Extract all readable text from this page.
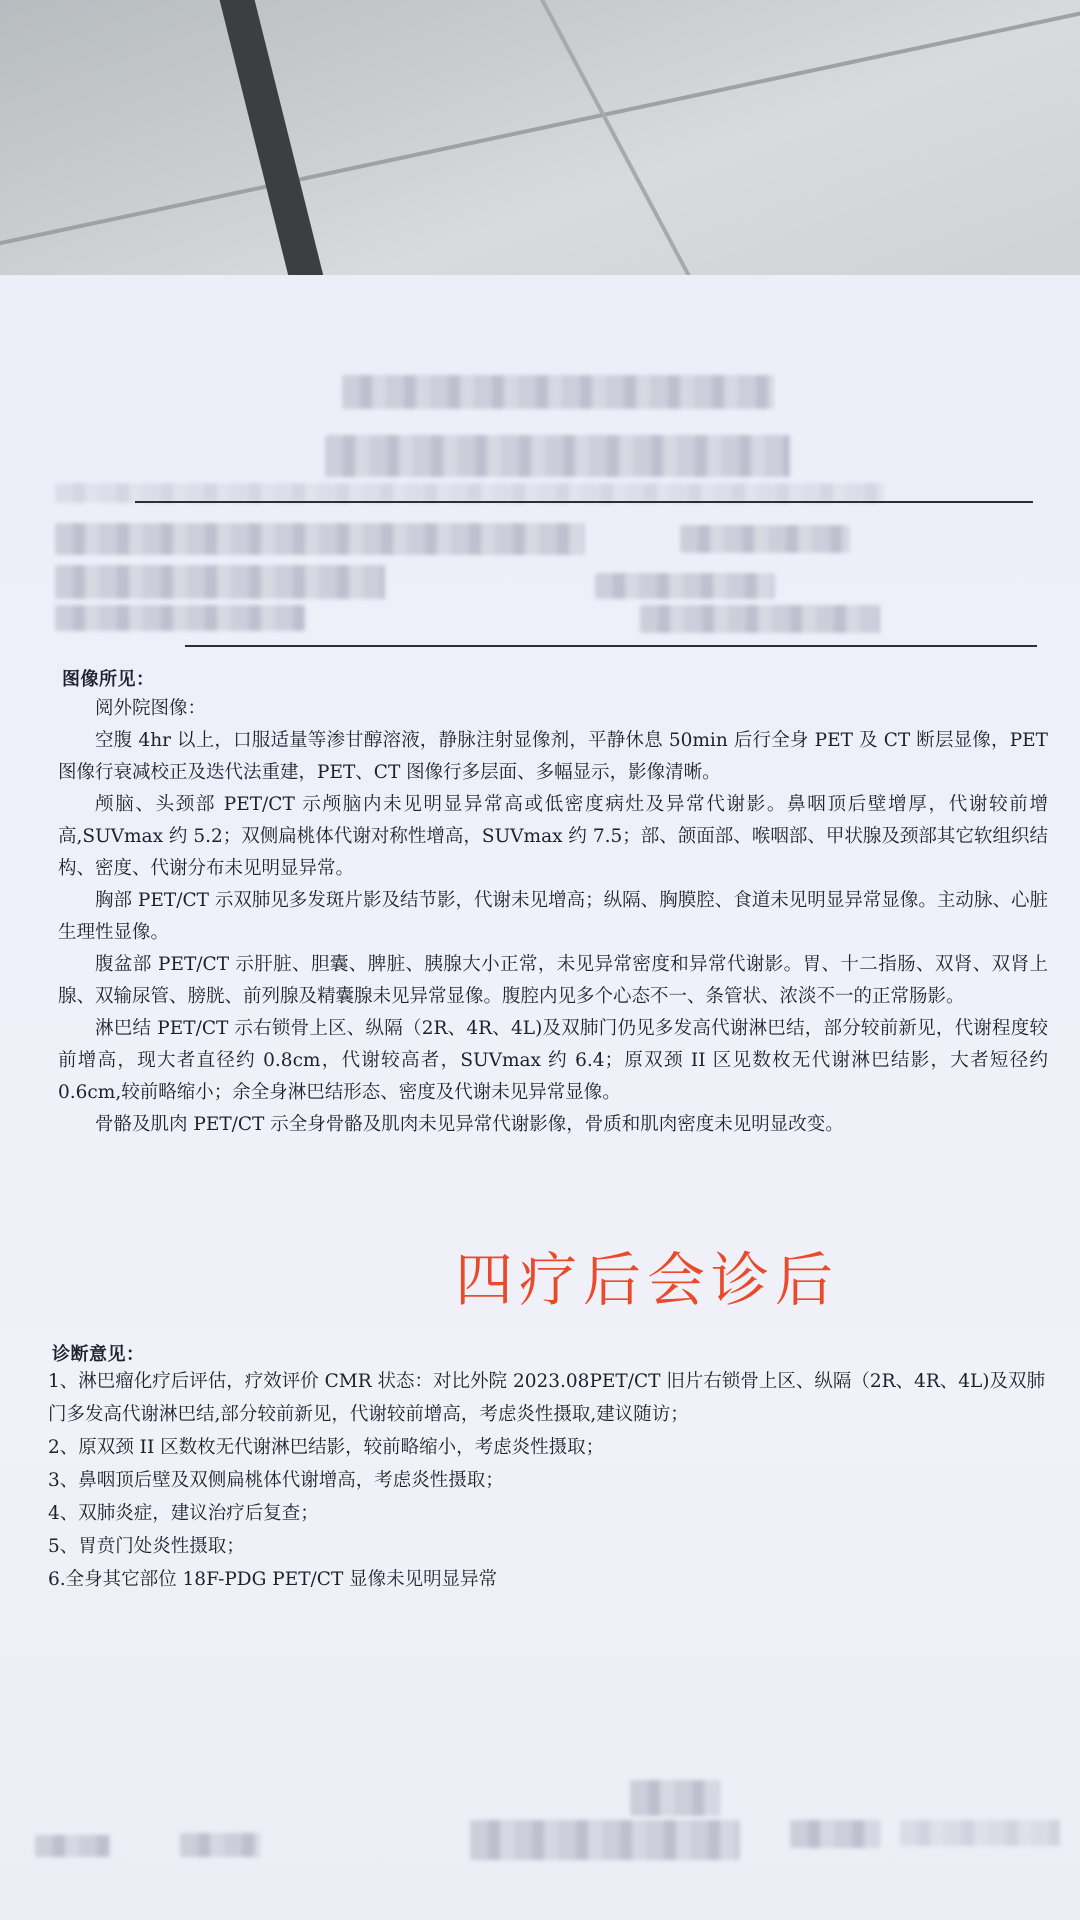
图像所见：

阅外院图像：

空腹 4hr 以上，口服适量等渗甘醇溶液，静脉注射显像剂，平静休息 50min 后行全身 PET 及 CT 断层显像，PET 图像行衰减校正及迭代法重建，PET、CT 图像行多层面、多幅显示，影像清晰。

颅脑、头颈部 PET/CT 示颅脑内未见明显异常高或低密度病灶及异常代谢影。鼻咽顶后壁增厚，代谢较前增高,SUVmax 约 5.2；双侧扁桃体代谢对称性增高，SUVmax 约 7.5；部、颌面部、喉咽部、甲状腺及颈部其它软组织结构、密度、代谢分布未见明显异常。

胸部 PET/CT 示双肺见多发斑片影及结节影，代谢未见增高；纵隔、胸膜腔、食道未见明显异常显像。主动脉、心脏生理性显像。

腹盆部 PET/CT 示肝脏、胆囊、脾脏、胰腺大小正常，未见异常密度和异常代谢影。胃、十二指肠、双肾、双肾上腺、双输尿管、膀胱、前列腺及精囊腺未见异常显像。腹腔内见多个心态不一、条管状、浓淡不一的正常肠影。

淋巴结 PET/CT 示右锁骨上区、纵隔（2R、4R、4L)及双肺门仍见多发高代谢淋巴结，部分较前新见，代谢程度较前增高，现大者直径约 0.8cm，代谢较高者，SUVmax 约 6.4；原双颈 II 区见数枚无代谢淋巴结影，大者短径约 0.6cm,较前略缩小；余全身淋巴结形态、密度及代谢未见异常显像。

骨骼及肌肉 PET/CT 示全身骨骼及肌肉未见异常代谢影像，骨质和肌肉密度未见明显改变。

四疗后会诊后
诊断意见：
1、淋巴瘤化疗后评估，疗效评价 CMR 状态：对比外院 2023.08PET/CT 旧片右锁骨上区、纵隔（2R、4R、4L)及双肺门多发高代谢淋巴结,部分较前新见，代谢较前增高，考虑炎性摄取,建议随访；
2、原双颈 II 区数枚无代谢淋巴结影，较前略缩小，考虑炎性摄取；
3、鼻咽顶后壁及双侧扁桃体代谢增高，考虑炎性摄取；
4、双肺炎症，建议治疗后复查；
5、胃贲门处炎性摄取；
6.全身其它部位 18F-PDG PET/CT 显像未见明显异常
